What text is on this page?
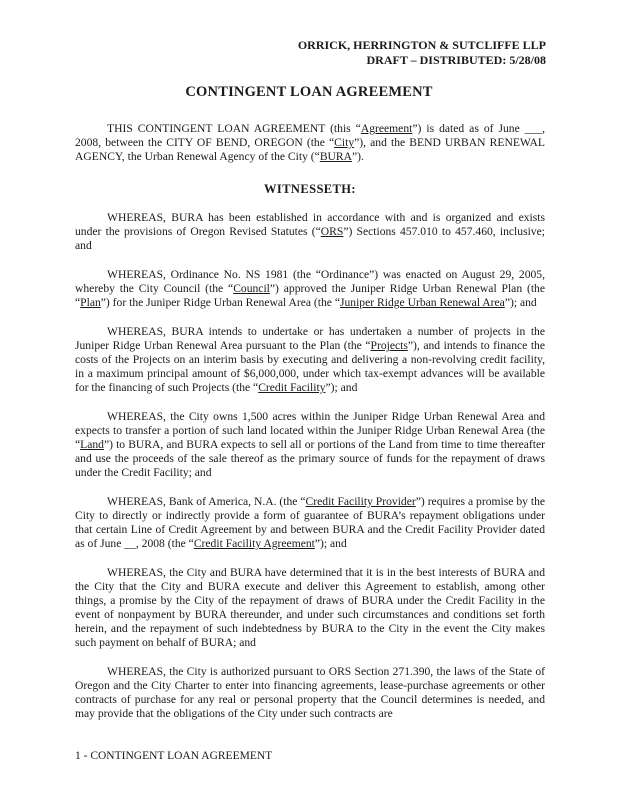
ORRICK, HERRINGTON & SUTCLIFFE LLP
DRAFT – DISTRIBUTED: 5/28/08
CONTINGENT LOAN AGREEMENT

THIS CONTINGENT LOAN AGREEMENT (this “Agreement”) is dated as of June ___, 2008, between the CITY OF BEND, OREGON (the “City”), and the BEND URBAN RENEWAL AGENCY, the Urban Renewal Agency of the City (“BURA”).

WITNESSETH:

WHEREAS, BURA has been established in accordance with and is organized and exists under the provisions of Oregon Revised Statutes (“ORS”) Sections 457.010 to 457.460, inclusive; and

WHEREAS, Ordinance No. NS 1981 (the “Ordinance”) was enacted on August 29, 2005, whereby the City Council (the “Council”) approved the Juniper Ridge Urban Renewal Plan (the “Plan”) for the Juniper Ridge Urban Renewal Area (the “Juniper Ridge Urban Renewal Area”); and

WHEREAS, BURA intends to undertake or has undertaken a number of projects in the Juniper Ridge Urban Renewal Area pursuant to the Plan (the “Projects”), and intends to finance the costs of the Projects on an interim basis by executing and delivering a non-revolving credit facility, in a maximum principal amount of $6,000,000, under which tax-exempt advances will be available for the financing of such Projects (the “Credit Facility”); and

WHEREAS, the City owns 1,500 acres within the Juniper Ridge Urban Renewal Area and expects to transfer a portion of such land located within the Juniper Ridge Urban Renewal Area (the “Land”) to BURA, and BURA expects to sell all or portions of the Land from time to time thereafter and use the proceeds of the sale thereof as the primary source of funds for the repayment of draws under the Credit Facility; and

WHEREAS, Bank of America, N.A. (the “Credit Facility Provider”) requires a promise by the City to directly or indirectly provide a form of guarantee of BURA’s repayment obligations under that certain Line of Credit Agreement by and between BURA and the Credit Facility Provider dated as of June __, 2008 (the “Credit Facility Agreement”); and

WHEREAS, the City and BURA have determined that it is in the best interests of BURA and the City that the City and BURA execute and deliver this Agreement to establish, among other things, a promise by the City of the repayment of draws of BURA under the Credit Facility in the event of nonpayment by BURA thereunder, and under such circumstances and conditions set forth herein, and the repayment of such indebtedness by BURA to the City in the event the City makes such payment on behalf of BURA; and

WHEREAS, the City is authorized pursuant to ORS Section 271.390, the laws of the State of Oregon and the City Charter to enter into financing agreements, lease-purchase agreements or other contracts of purchase for any real or personal property that the Council determines is needed, and may provide that the obligations of the City under such contracts are

1 - CONTINGENT LOAN AGREEMENT
